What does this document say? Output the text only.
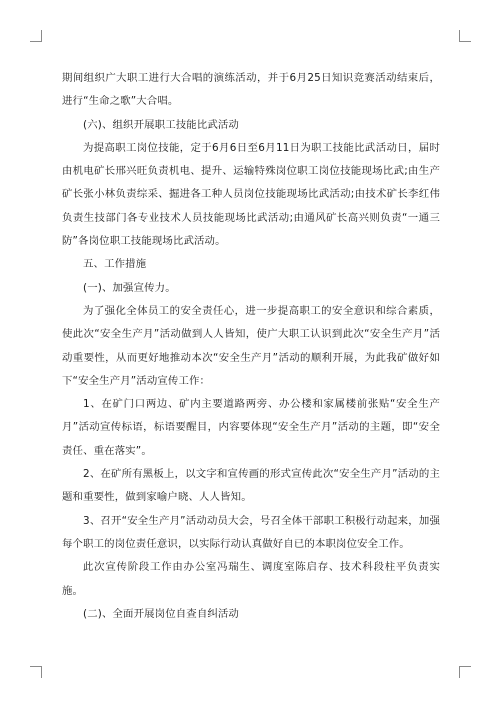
期间组织广大职工进行大合唱的演练活动，并于6月25日知识竞赛活动结束后，进行“生命之歌”大合唱。

(六)、组织开展职工技能比武活动

为提高职工岗位技能，定于6月6日至6月11日为职工技能比武活动日，届时由机电矿长邢兴旺负责机电、提升、运输特殊岗位职工岗位技能现场比武;由生产矿长张小林负责综采、掘进各工种人员岗位技能现场比武活动;由技术矿长李红伟负责生技部门各专业技术人员技能现场比武活动;由通风矿长高兴则负责“一通三防”各岗位职工技能现场比武活动。

五、工作措施

(一)、加强宣传力。

为了强化全体员工的安全责任心，进一步提高职工的安全意识和综合素质，使此次“安全生产月”活动做到人人皆知，使广大职工认识到此次“安全生产月”活动重要性，从而更好地推动本次“安全生产月”活动的顺利开展，为此我矿做好如下“安全生产月”活动宣传工作：

1、在矿门口两边、矿内主要道路两旁、办公楼和家属楼前张贴“安全生产月”活动宣传标语，标语要醒目，内容要体现“安全生产月”活动的主题，即“安全责任、重在落实”。

2、在矿所有黑板上，以文字和宣传画的形式宣传此次“安全生产月”活动的主题和重要性，做到家喻户晓、人人皆知。

3、召开“安全生产月”活动动员大会，号召全体干部职工积极行动起来，加强每个职工的岗位责任意识，以实际行动认真做好自已的本职岗位安全工作。

此次宣传阶段工作由办公室冯瑞生、调度室陈启存、技术科段柱平负责实施。

(二)、全面开展岗位自查自纠活动
